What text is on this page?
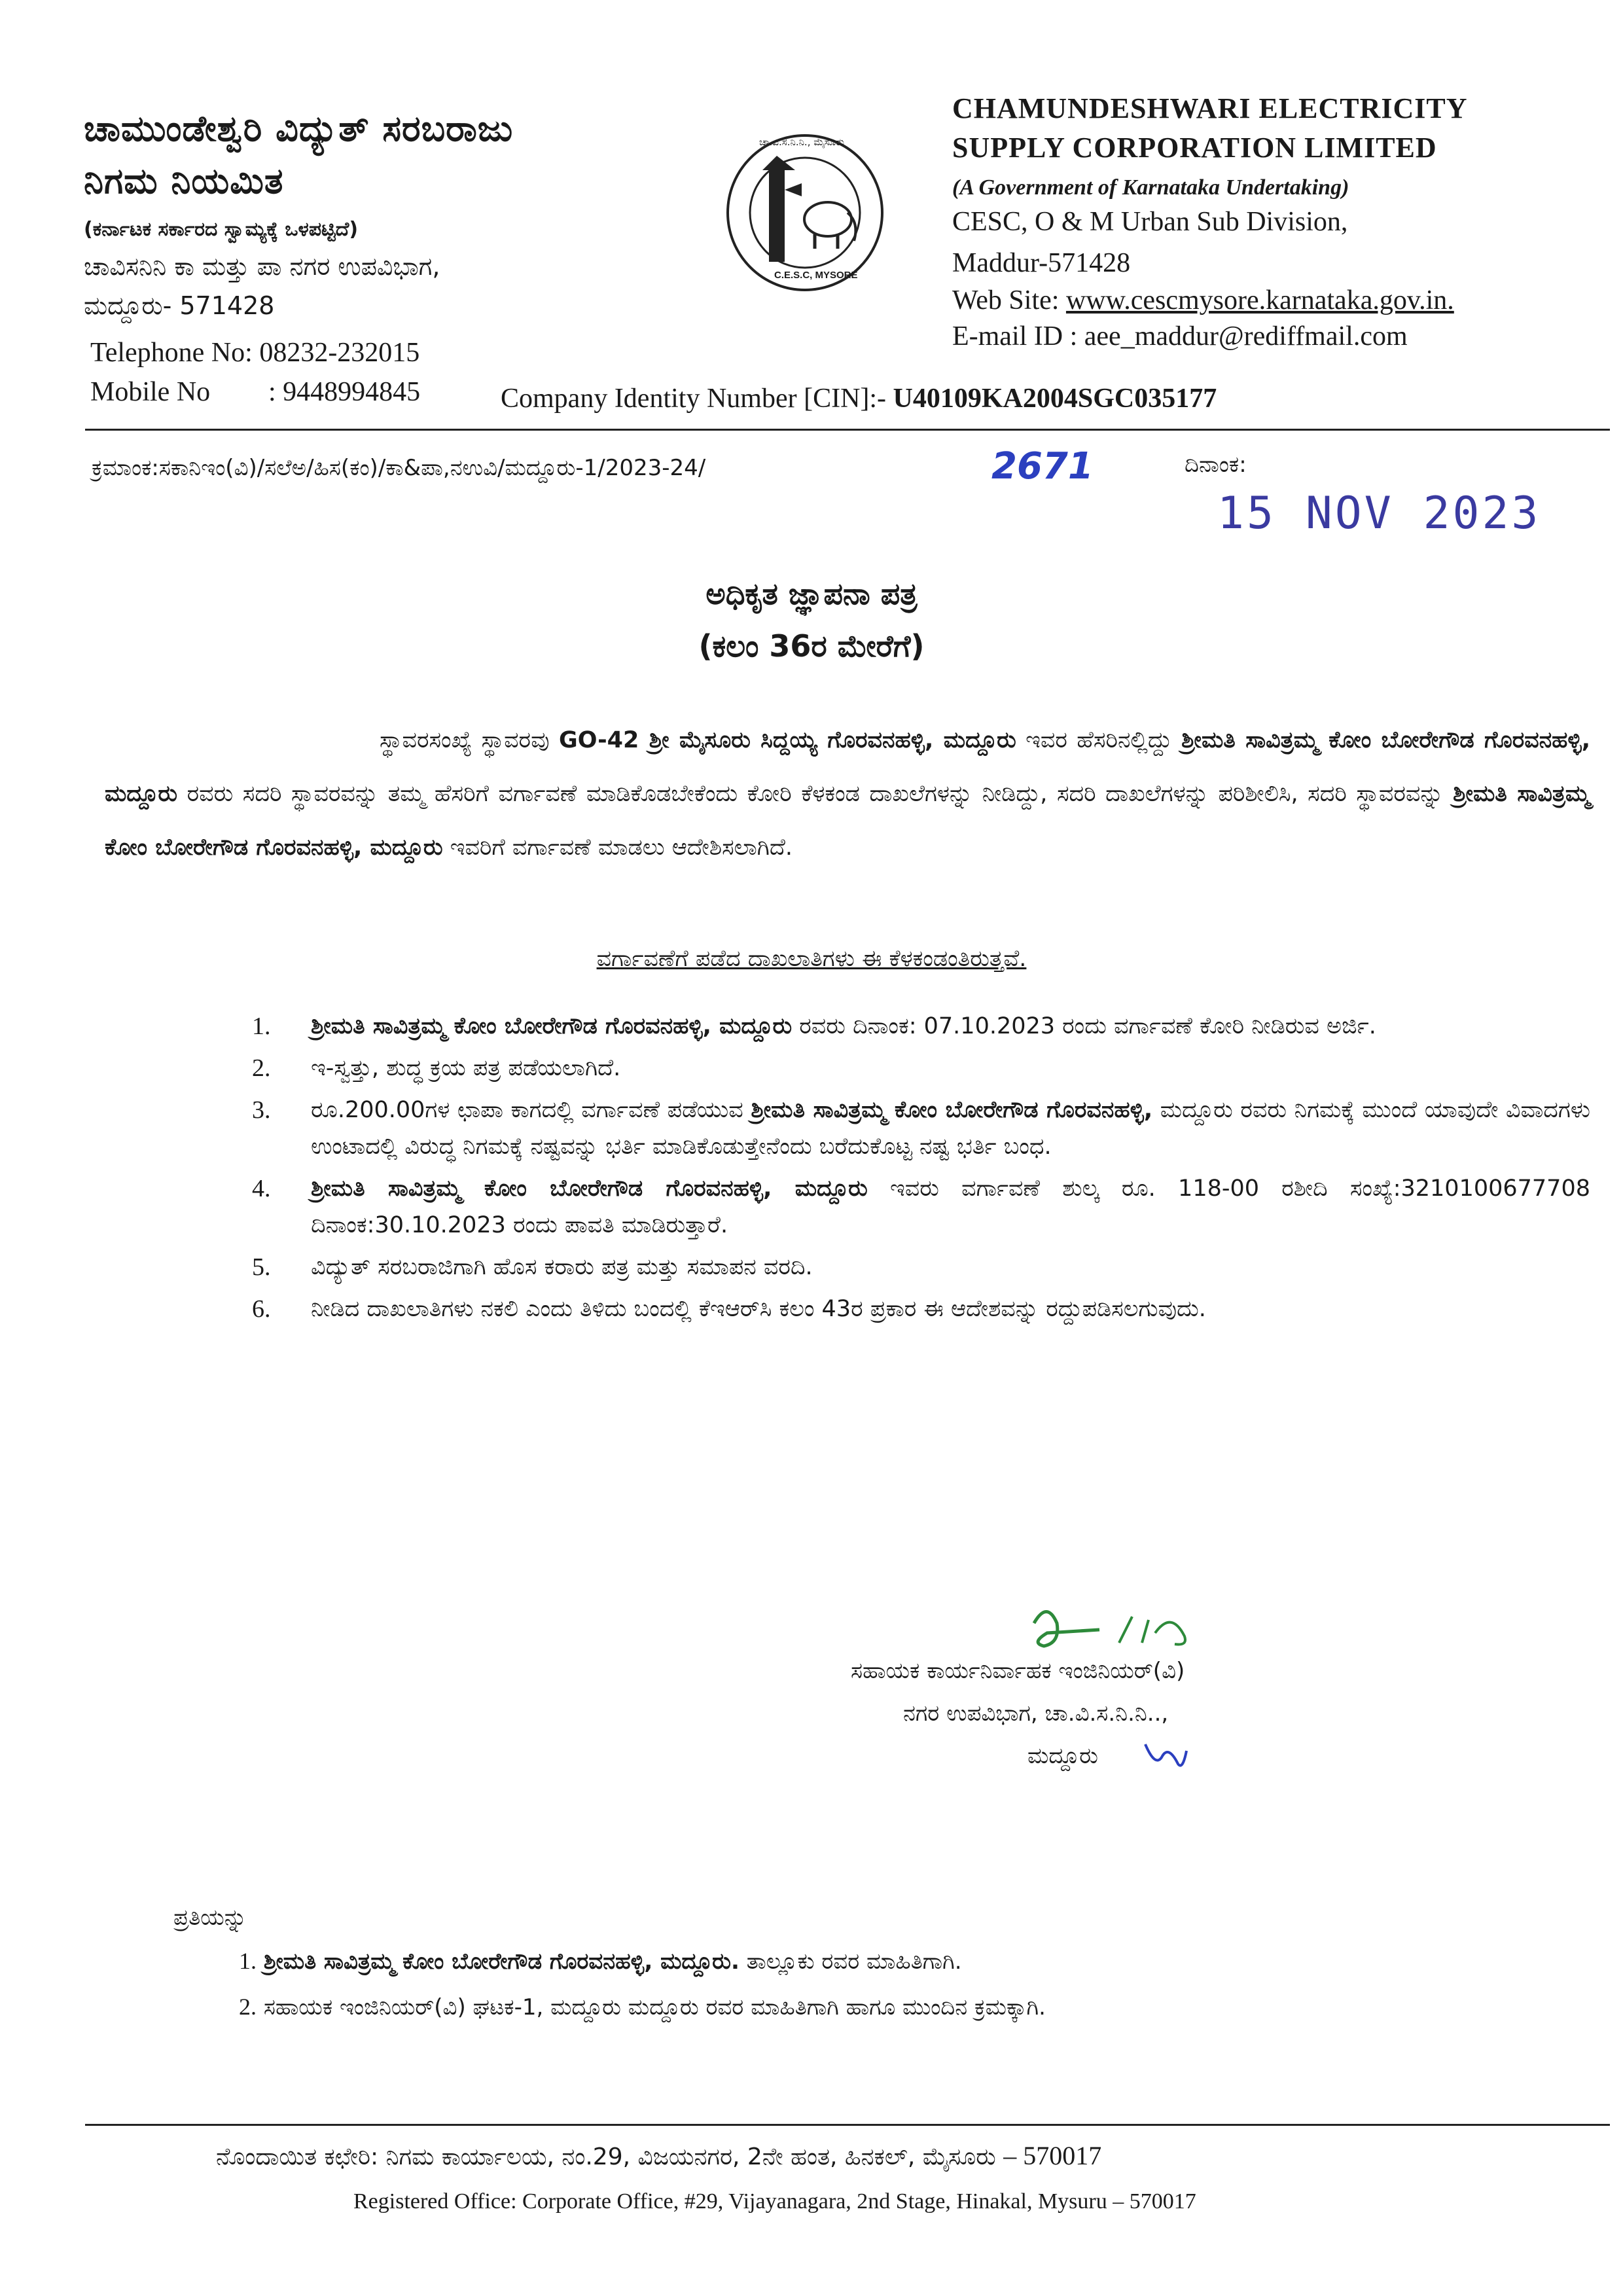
ಚಾಮುಂಡೇಶ್ವರಿ ವಿದ್ಯುತ್ ಸರಬರಾಜು
ನಿಗಮ ನಿಯಮಿತ
(ಕರ್ನಾಟಕ ಸರ್ಕಾರದ ಸ್ವಾಮ್ಯಕ್ಕೆ ಒಳಪಟ್ಟಿದೆ)
ಚಾವಿಸನಿನಿ ಕಾ ಮತ್ತು ಪಾ ನಗರ ಉಪವಿಭಾಗ,
ಮದ್ದೂರು- 571428
Telephone No: 08232-232015
Mobile No : 9448994845
ಚಾ.ವಿ.ಸ.ನಿ.ನಿ., ಮೈಸೂರು
C.E.S.C, MYSORE
CHAMUNDESHWARI ELECTRICITY
SUPPLY CORPORATION LIMITED
(A Government of Karnataka Undertaking)
CESC, O & M Urban Sub Division,
Maddur-571428
Web Site: www.cescmysore.karnataka.gov.in.
E-mail ID : aee_maddur@rediffmail.com
Company Identity Number [CIN]:- U40109KA2004SGC035177
ಕ್ರಮಾಂಕ:ಸಕಾನಿಇಂ(ವಿ)/ಸಲೆಅ/ಹಿಸ(ಕಂ)/ಕಾ&ಪಾ,ನಉವಿ/ಮದ್ದೂರು-1/2023-24/	2671	ದಿನಾಂಕ:
15 NOV 2023
ಅಧಿಕೃತ ಜ್ಞಾಪನಾ ಪತ್ರ
(ಕಲಂ 36ರ ಮೇರೆಗೆ)
ಸ್ಥಾವರಸಂಖ್ಯೆ ಸ್ಥಾವರವು GO-42 ಶ್ರೀ ಮೈಸೂರು ಸಿದ್ದಯ್ಯ ಗೊರವನಹಳ್ಳಿ, ಮದ್ದೂರು ಇವರ ಹೆಸರಿನಲ್ಲಿದ್ದು ಶ್ರೀಮತಿ ಸಾವಿತ್ರಮ್ಮ ಕೋಂ ಬೋರೇಗೌಡ ಗೊರವನಹಳ್ಳಿ, ಮದ್ದೂರು ರವರು ಸದರಿ ಸ್ಥಾವರವನ್ನು ತಮ್ಮ ಹೆಸರಿಗೆ ವರ್ಗಾವಣೆ ಮಾಡಿಕೊಡಬೇಕೆಂದು ಕೋರಿ ಕೆಳಕಂಡ ದಾಖಲೆಗಳನ್ನು ನೀಡಿದ್ದು, ಸದರಿ ದಾಖಲೆಗಳನ್ನು ಪರಿಶೀಲಿಸಿ, ಸದರಿ ಸ್ಥಾವರವನ್ನು ಶ್ರೀಮತಿ ಸಾವಿತ್ರಮ್ಮ ಕೋಂ ಬೋರೇಗೌಡ ಗೊರವನಹಳ್ಳಿ, ಮದ್ದೂರು ಇವರಿಗೆ ವರ್ಗಾವಣೆ ಮಾಡಲು ಆದೇಶಿಸಲಾಗಿದೆ.
ವರ್ಗಾವಣೆಗೆ ಪಡೆದ ದಾಖಲಾತಿಗಳು ಈ ಕೆಳಕಂಡಂತಿರುತ್ತವೆ.
1. ಶ್ರೀಮತಿ ಸಾವಿತ್ರಮ್ಮ ಕೋಂ ಬೋರೇಗೌಡ ಗೊರವನಹಳ್ಳಿ, ಮದ್ದೂರು ರವರು ದಿನಾಂಕ: 07.10.2023 ರಂದು ವರ್ಗಾವಣೆ ಕೋರಿ ನೀಡಿರುವ ಅರ್ಜಿ.
2. ಇ-ಸ್ವತ್ತು, ಶುದ್ಧ ಕ್ರಯ ಪತ್ರ ಪಡೆಯಲಾಗಿದೆ.
3. ರೂ.200.00ಗಳ ಛಾಪಾ ಕಾಗದಲ್ಲಿ ವರ್ಗಾವಣೆ ಪಡೆಯುವ ಶ್ರೀಮತಿ ಸಾವಿತ್ರಮ್ಮ ಕೋಂ ಬೋರೇಗೌಡ ಗೊರವನಹಳ್ಳಿ, ಮದ್ದೂರು ರವರು ನಿಗಮಕ್ಕೆ ಮುಂದೆ ಯಾವುದೇ ವಿವಾದಗಳು ಉಂಟಾದಲ್ಲಿ ವಿರುದ್ಧ ನಿಗಮಕ್ಕೆ ನಷ್ಟವನ್ನು ಭರ್ತಿ ಮಾಡಿಕೊಡುತ್ತೇನೆಂದು ಬರೆದುಕೊಟ್ಟ ನಷ್ಟ ಭರ್ತಿ ಬಂಧ.
4. ಶ್ರೀಮತಿ ಸಾವಿತ್ರಮ್ಮ ಕೋಂ ಬೋರೇಗೌಡ ಗೊರವನಹಳ್ಳಿ, ಮದ್ದೂರು ಇವರು ವರ್ಗಾವಣೆ ಶುಲ್ಕ ರೂ. 118-00 ರಶೀದಿ ಸಂಖ್ಯೆ:3210100677708 ದಿನಾಂಕ:30.10.2023 ರಂದು ಪಾವತಿ ಮಾಡಿರುತ್ತಾರೆ.
5. ವಿದ್ಯುತ್ ಸರಬರಾಜಿಗಾಗಿ ಹೊಸ ಕರಾರು ಪತ್ರ ಮತ್ತು ಸಮಾಪನ ವರದಿ.
6. ನೀಡಿದ ದಾಖಲಾತಿಗಳು ನಕಲಿ ಎಂದು ತಿಳಿದು ಬಂದಲ್ಲಿ ಕೆಇಆರ್‌ಸಿ ಕಲಂ 43ರ ಪ್ರಕಾರ ಈ ಆದೇಶವನ್ನು ರದ್ದುಪಡಿಸಲಗುವುದು.
ಸಹಾಯಕ ಕಾರ್ಯನಿರ್ವಾಹಕ ಇಂಜಿನಿಯರ್(ವಿ)
ನಗರ ಉಪವಿಭಾಗ, ಚಾ.ವಿ.ಸ.ನಿ.ನಿ..,
ಮದ್ದೂರು
ಪ್ರತಿಯನ್ನು
1. ಶ್ರೀಮತಿ ಸಾವಿತ್ರಮ್ಮ ಕೋಂ ಬೋರೇಗೌಡ ಗೊರವನಹಳ್ಳಿ, ಮದ್ದೂರು. ತಾಲ್ಲೂಕು ರವರ ಮಾಹಿತಿಗಾಗಿ.
2. ಸಹಾಯಕ ಇಂಜಿನಿಯರ್(ವಿ) ಘಟಕ-1, ಮದ್ದೂರು ಮದ್ದೂರು ರವರ ಮಾಹಿತಿಗಾಗಿ ಹಾಗೂ ಮುಂದಿನ ಕ್ರಮಕ್ಕಾಗಿ.
ನೊಂದಾಯಿತ ಕಛೇರಿ: ನಿಗಮ ಕಾರ್ಯಾಲಯ, ನಂ.29, ವಿಜಯನಗರ, 2ನೇ ಹಂತ, ಹಿನಕಲ್, ಮೈಸೂರು – 570017
Registered Office: Corporate Office, #29, Vijayanagara, 2nd Stage, Hinakal, Mysuru – 570017
